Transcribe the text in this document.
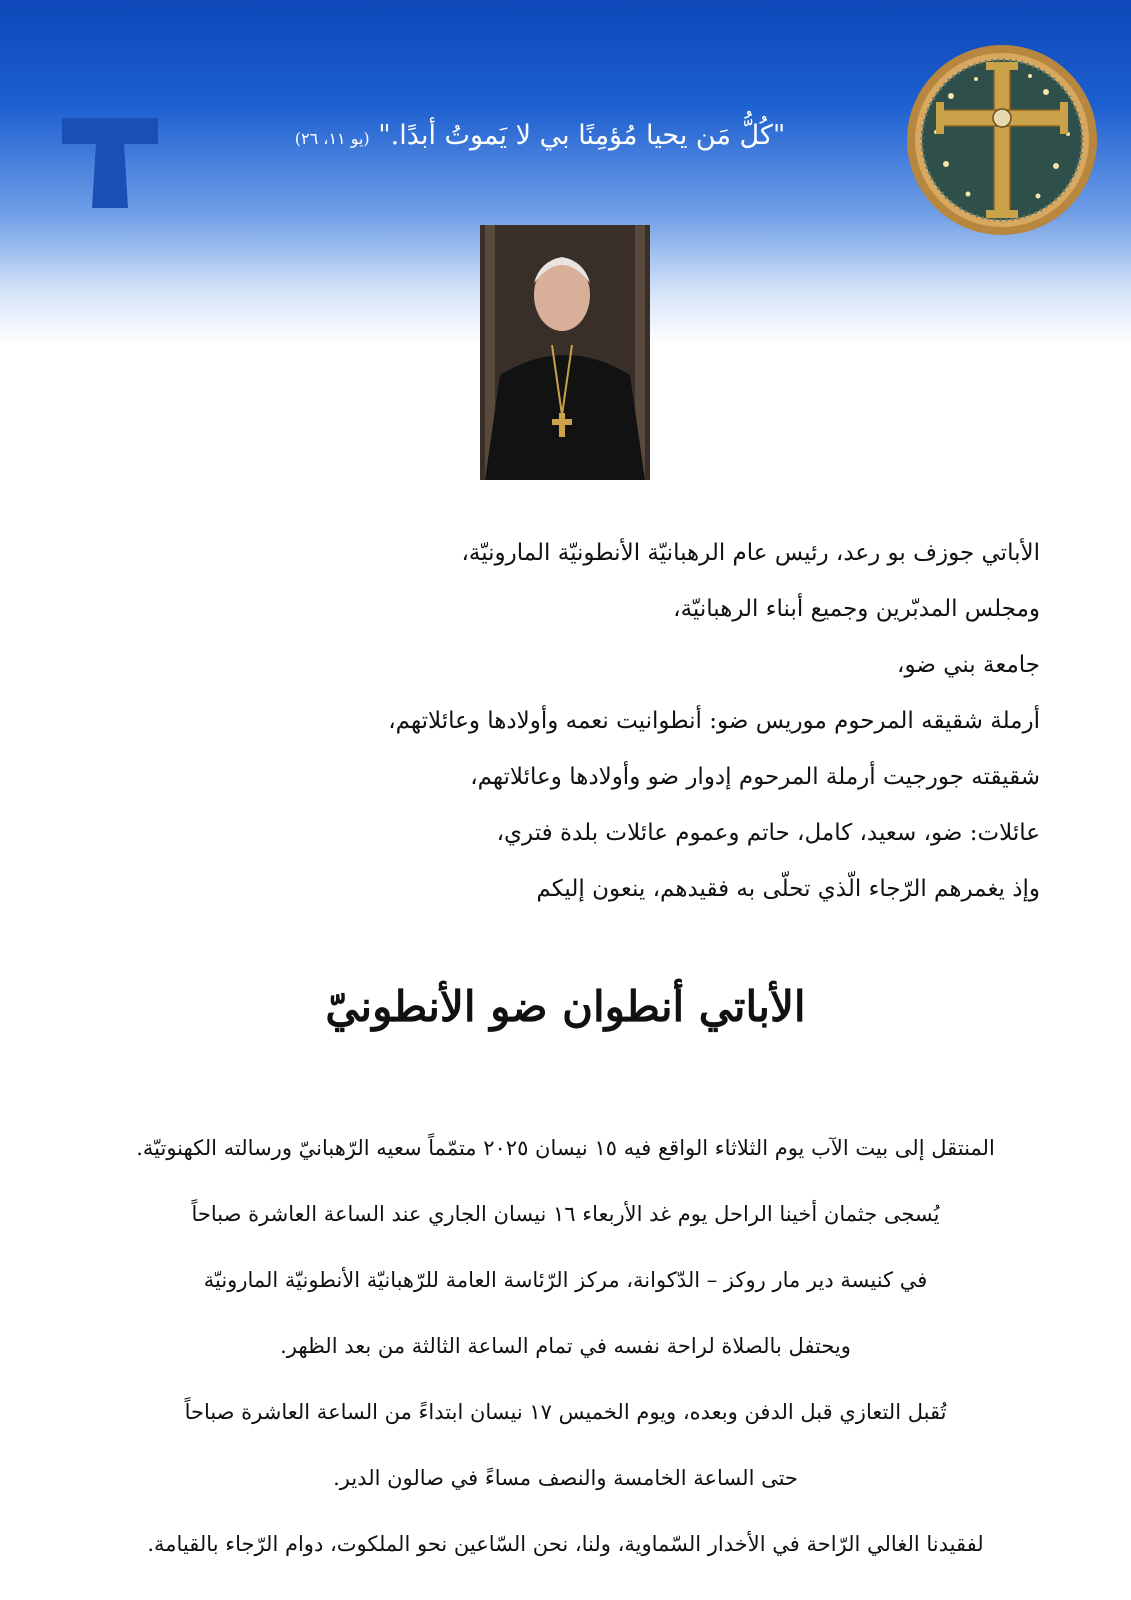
"كُلُّ مَن يحيا مُؤمِنًا بي لا يَموتُ أبدًا." (يو ١١، ٢٦)
الأباتي جوزف بو رعد، رئيس عام الرهبانيّة الأنطونيّة المارونيّة،
ومجلس المدبّرين وجميع أبناء الرهبانيّة،
جامعة بني ضو،
أرملة شقيقه المرحوم موريس ضو: أنطوانيت نعمه وأولادها وعائلاتهم،
شقيقته جورجيت أرملة المرحوم إدوار ضو وأولادها وعائلاتهم،
عائلات: ضو، سعيد، كامل، حاتم وعموم عائلات بلدة فتري،
وإذ يغمرهم الرّجاء الّذي تحلّى به فقيدهم، ينعون إليكم
الأباتي أنطوان ضو الأنطونيّ
المنتقل إلى بيت الآب يوم الثلاثاء الواقع فيه ١٥ نيسان ٢٠٢٥ متمّماً سعيه الرّهبانيّ ورسالته الكهنوتيّة.
يُسجى جثمان أخينا الراحل يوم غد الأربعاء ١٦ نيسان الجاري عند الساعة العاشرة صباحاً
في كنيسة دير مار روكز – الدّكوانة، مركز الرّئاسة العامة للرّهبانيّة الأنطونيّة المارونيّة
ويحتفل بالصلاة لراحة نفسه في تمام الساعة الثالثة من بعد الظهر.
تُقبل التعازي قبل الدفن وبعده، ويوم الخميس ١٧ نيسان ابتداءً من الساعة العاشرة صباحاً
حتى الساعة الخامسة والنصف مساءً في صالون الدير.
لفقيدنا الغالي الرّاحة في الأخدار السّماوية، ولنا، نحن السّاعين نحو الملكوت، دوام الرّجاء بالقيامة.
